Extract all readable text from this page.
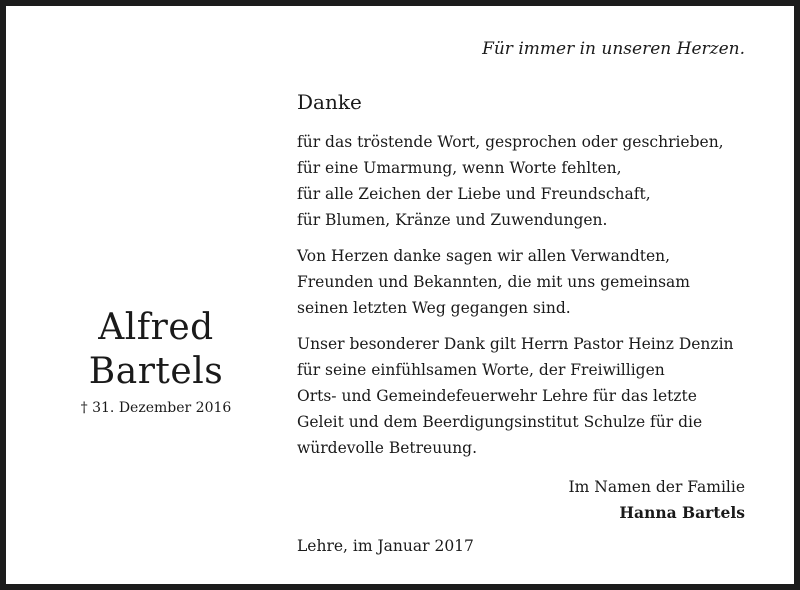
Für immer in unseren Herzen.
Alfred
Bartels
† 31. Dezember 2016
Danke
für das tröstende Wort, gesprochen oder geschrieben,
für eine Umarmung, wenn Worte fehlten,
für alle Zeichen der Liebe und Freundschaft,
für Blumen, Kränze und Zuwendungen.
Von Herzen danke sagen wir allen Verwandten,
Freunden und Bekannten, die mit uns gemeinsam
seinen letzten Weg gegangen sind.
Unser besonderer Dank gilt Herrn Pastor Heinz Denzin
für seine einfühlsamen Worte, der Freiwilligen
Orts- und Gemeindefeuerwehr Lehre für das letzte
Geleit und dem Beerdigungsinstitut Schulze für die
würdevolle Betreuung.
Im Namen der Familie
Hanna Bartels
Lehre, im Januar 2017
